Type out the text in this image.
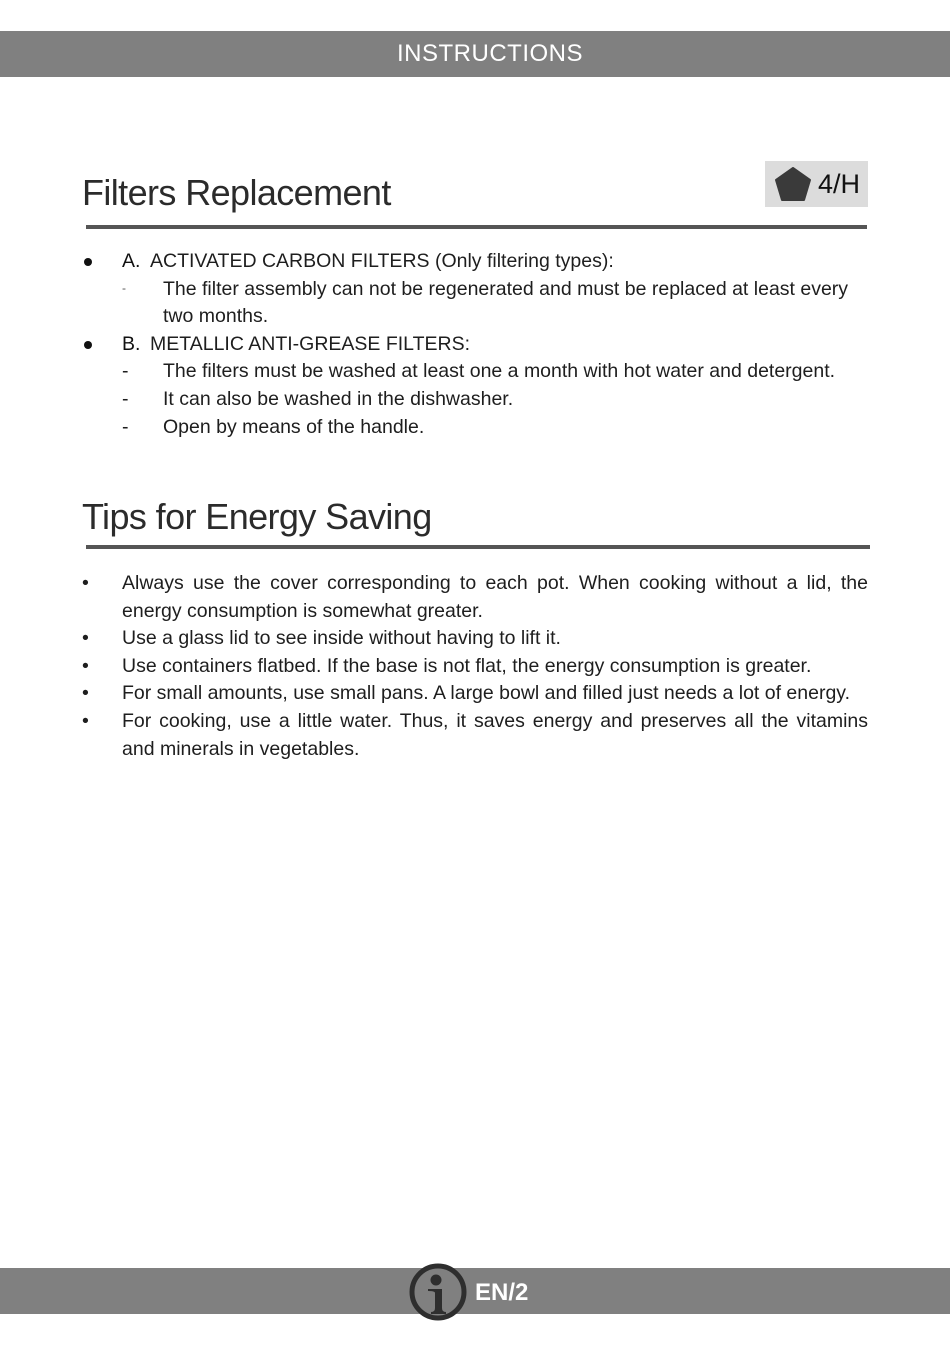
INSTRUCTIONS
Filters Replacement	4/H
A. ACTIVATED CARBON FILTERS (Only filtering types):
- The filter assembly can not be regenerated and must be replaced at least every two months.
B. METALLIC ANTI-GREASE FILTERS:
- The filters must be washed at least one a month with hot water and detergent.
- It can also be washed in the dishwasher.
- Open by means of the handle.
Tips for Energy Saving
• Always use the cover corresponding to each pot. When cooking without a lid, the energy consumption is somewhat greater.
• Use a glass lid to see inside without having to lift it.
• Use containers flatbed. If the base is not flat, the energy consumption is greater.
• For small amounts, use small pans. A large bowl and filled just needs a lot of energy.
• For cooking, use a little water. Thus, it saves energy and preserves all the vitamins and minerals in vegetables.
EN/2
